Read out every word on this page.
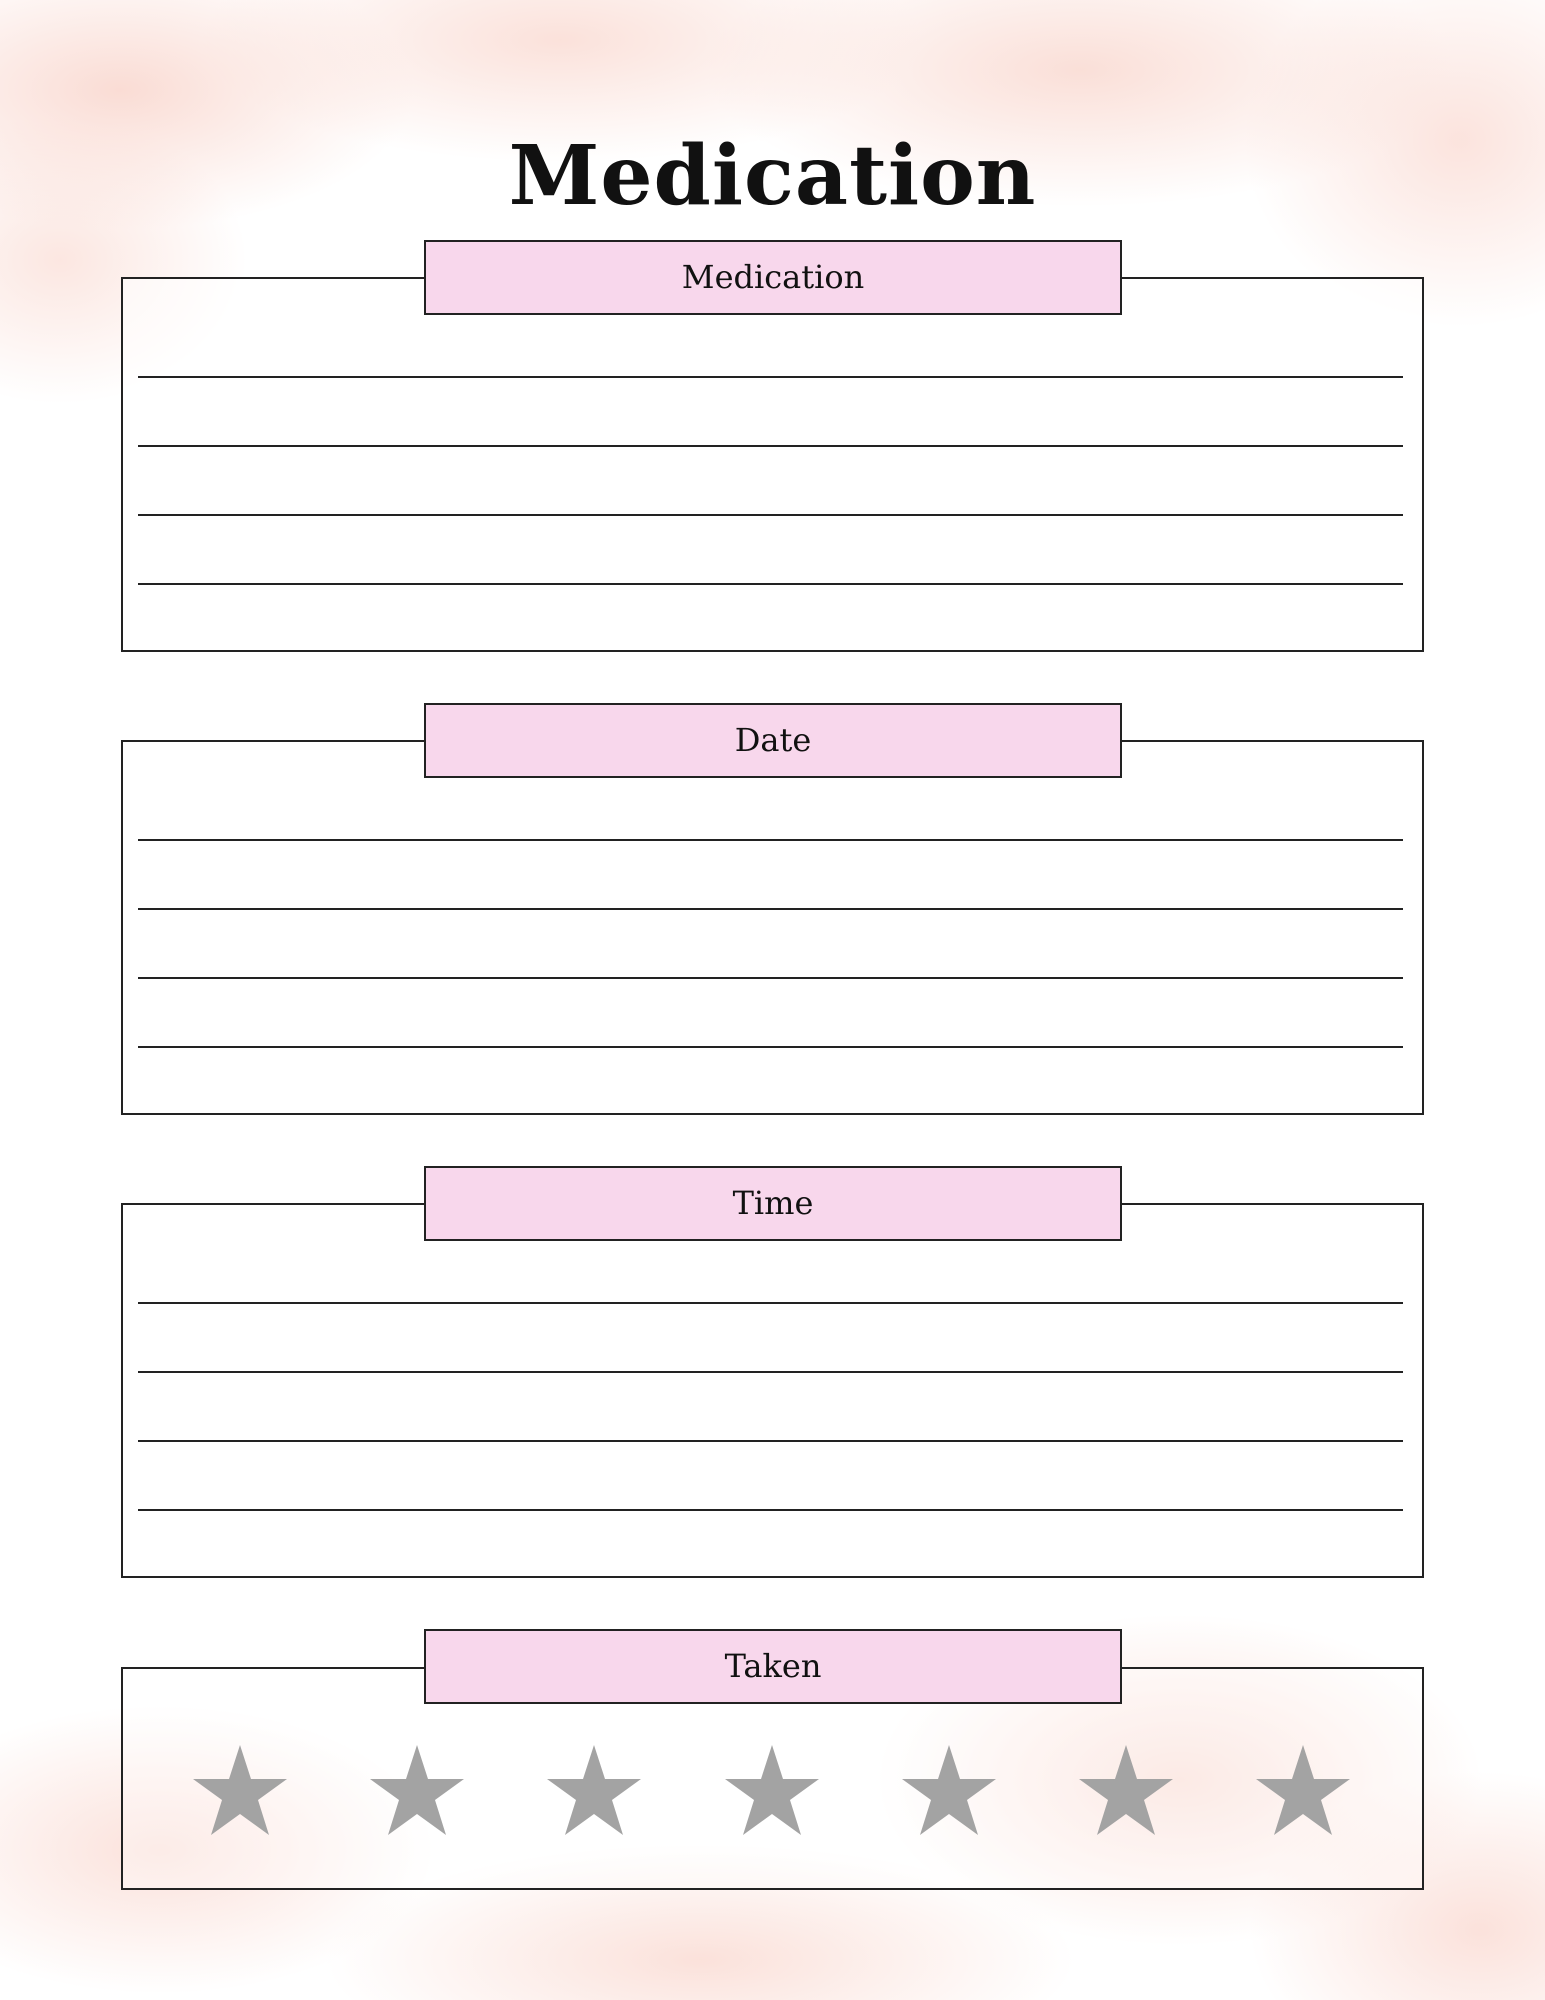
Medication
Medication
Date
Time
Taken
